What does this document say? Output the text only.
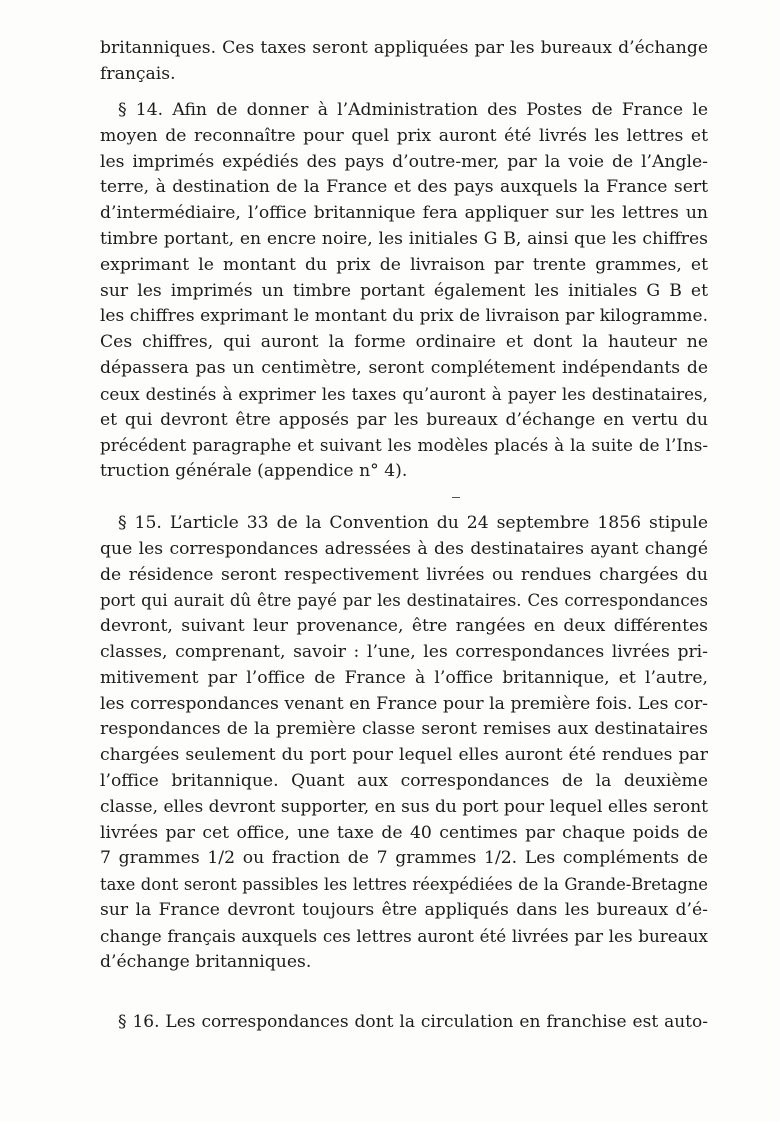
britanniques. Ces taxes seront appliquées par les bureaux d’échange
français.
§ 14. Afin de donner à l’Administration des Postes de France le
moyen de reconnaître pour quel prix auront été livrés les lettres et
les imprimés expédiés des pays d’outre-mer, par la voie de l’Angle-
terre, à destination de la France et des pays auxquels la France sert
d’intermédiaire, l’office britannique fera appliquer sur les lettres un
timbre portant, en encre noire, les initiales G B, ainsi que les chiffres
exprimant le montant du prix de livraison par trente grammes, et
sur les imprimés un timbre portant également les initiales G B et
les chiffres exprimant le montant du prix de livraison par kilogramme.
Ces chiffres, qui auront la forme ordinaire et dont la hauteur ne
dépassera pas un centimètre, seront complétement indépendants de
ceux destinés à exprimer les taxes qu’auront à payer les destinataires,
et qui devront être apposés par les bureaux d’échange en vertu du
précédent paragraphe et suivant les modèles placés à la suite de l’Ins-
truction générale (appendice n° 4).
§ 15. L’article 33 de la Convention du 24 septembre 1856 stipule
que les correspondances adressées à des destinataires ayant changé
de résidence seront respectivement livrées ou rendues chargées du
port qui aurait dû être payé par les destinataires. Ces correspondances
devront, suivant leur provenance, être rangées en deux différentes
classes, comprenant, savoir : l’une, les correspondances livrées pri-
mitivement par l’office de France à l’office britannique, et l’autre,
les correspondances venant en France pour la première fois. Les cor-
respondances de la première classe seront remises aux destinataires
chargées seulement du port pour lequel elles auront été rendues par
l’office britannique. Quant aux correspondances de la deuxième
classe, elles devront supporter, en sus du port pour lequel elles seront
livrées par cet office, une taxe de 40 centimes par chaque poids de
7 grammes 1/2 ou fraction de 7 grammes 1/2. Les compléments de
taxe dont seront passibles les lettres réexpédiées de la Grande-Bretagne
sur la France devront toujours être appliqués dans les bureaux d’é-
change français auxquels ces lettres auront été livrées par les bureaux
d’échange britanniques.
§ 16. Les correspondances dont la circulation en franchise est auto-
